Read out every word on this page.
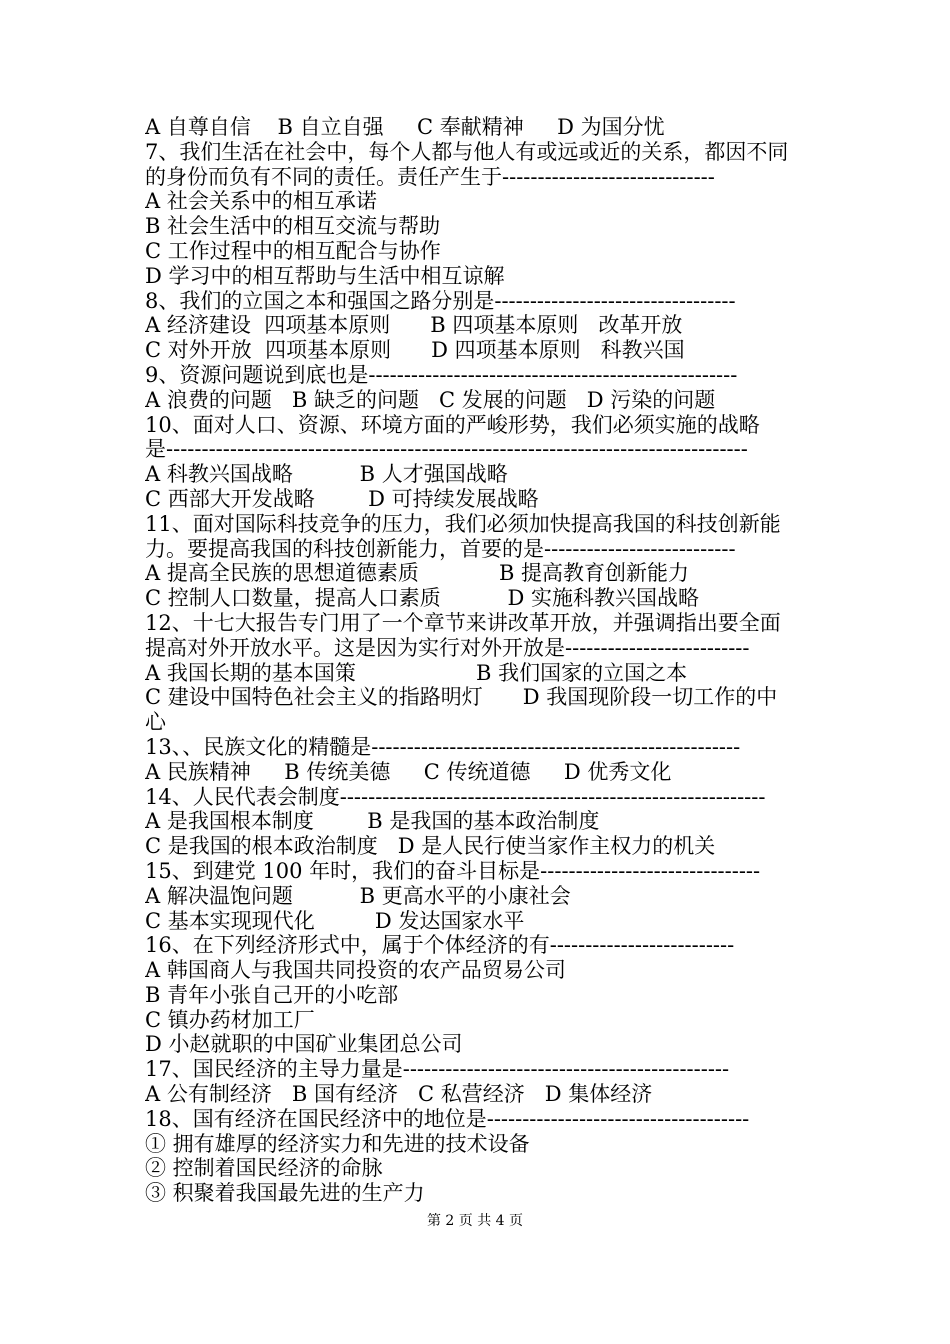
A 自尊自信    B 自立自强     C 奉献精神     D 为国分忧
7、我们生活在社会中，每个人都与他人有或远或近的关系，都因不同
的身份而负有不同的责任。责任产生于------------------------------
A 社会关系中的相互承诺
B 社会生活中的相互交流与帮助
C 工作过程中的相互配合与协作
D 学习中的相互帮助与生活中相互谅解
8、我们的立国之本和强国之路分别是----------------------------------
A 经济建设  四项基本原则      B 四项基本原则   改革开放
C 对外开放  四项基本原则      D 四项基本原则   科教兴国
9、资源问题说到底也是----------------------------------------------------
A 浪费的问题   B 缺乏的问题   C 发展的问题   D 污染的问题
10、面对人口、资源、环境方面的严峻形势，我们必须实施的战略
是----------------------------------------------------------------------------------
A 科教兴国战略          B 人才强国战略
C 西部大开发战略        D 可持续发展战略
11、面对国际科技竞争的压力，我们必须加快提高我国的科技创新能
力。要提高我国的科技创新能力，首要的是---------------------------
A 提高全民族的思想道德素质            B 提高教育创新能力
C 控制人口数量，提高人口素质          D 实施科教兴国战略
12、十七大报告专门用了一个章节来讲改革开放，并强调指出要全面
提高对外开放水平。这是因为实行对外开放是--------------------------
A 我国长期的基本国策                  B 我们国家的立国之本
C 建设中国特色社会主义的指路明灯      D 我国现阶段一切工作的中
心
13、、民族文化的精髓是----------------------------------------------------
A 民族精神     B 传统美德     C 传统道德     D 优秀文化
14、人民代表会制度------------------------------------------------------------
A 是我国根本制度        B 是我国的基本政治制度
C 是我国的根本政治制度   D 是人民行使当家作主权力的机关
15、到建党 100 年时，我们的奋斗目标是-------------------------------
A 解决温饱问题          B 更高水平的小康社会
C 基本实现现代化         D 发达国家水平
16、在下列经济形式中，属于个体经济的有--------------------------
A 韩国商人与我国共同投资的农产品贸易公司
B 青年小张自己开的小吃部
C 镇办药材加工厂
D 小赵就职的中国矿业集团总公司
17、国民经济的主导力量是----------------------------------------------
A 公有制经济   B 国有经济   C 私营经济   D 集体经济
18、国有经济在国民经济中的地位是-------------------------------------
① 拥有雄厚的经济实力和先进的技术设备
② 控制着国民经济的命脉
③ 积聚着我国最先进的生产力
第 2 页 共 4 页
